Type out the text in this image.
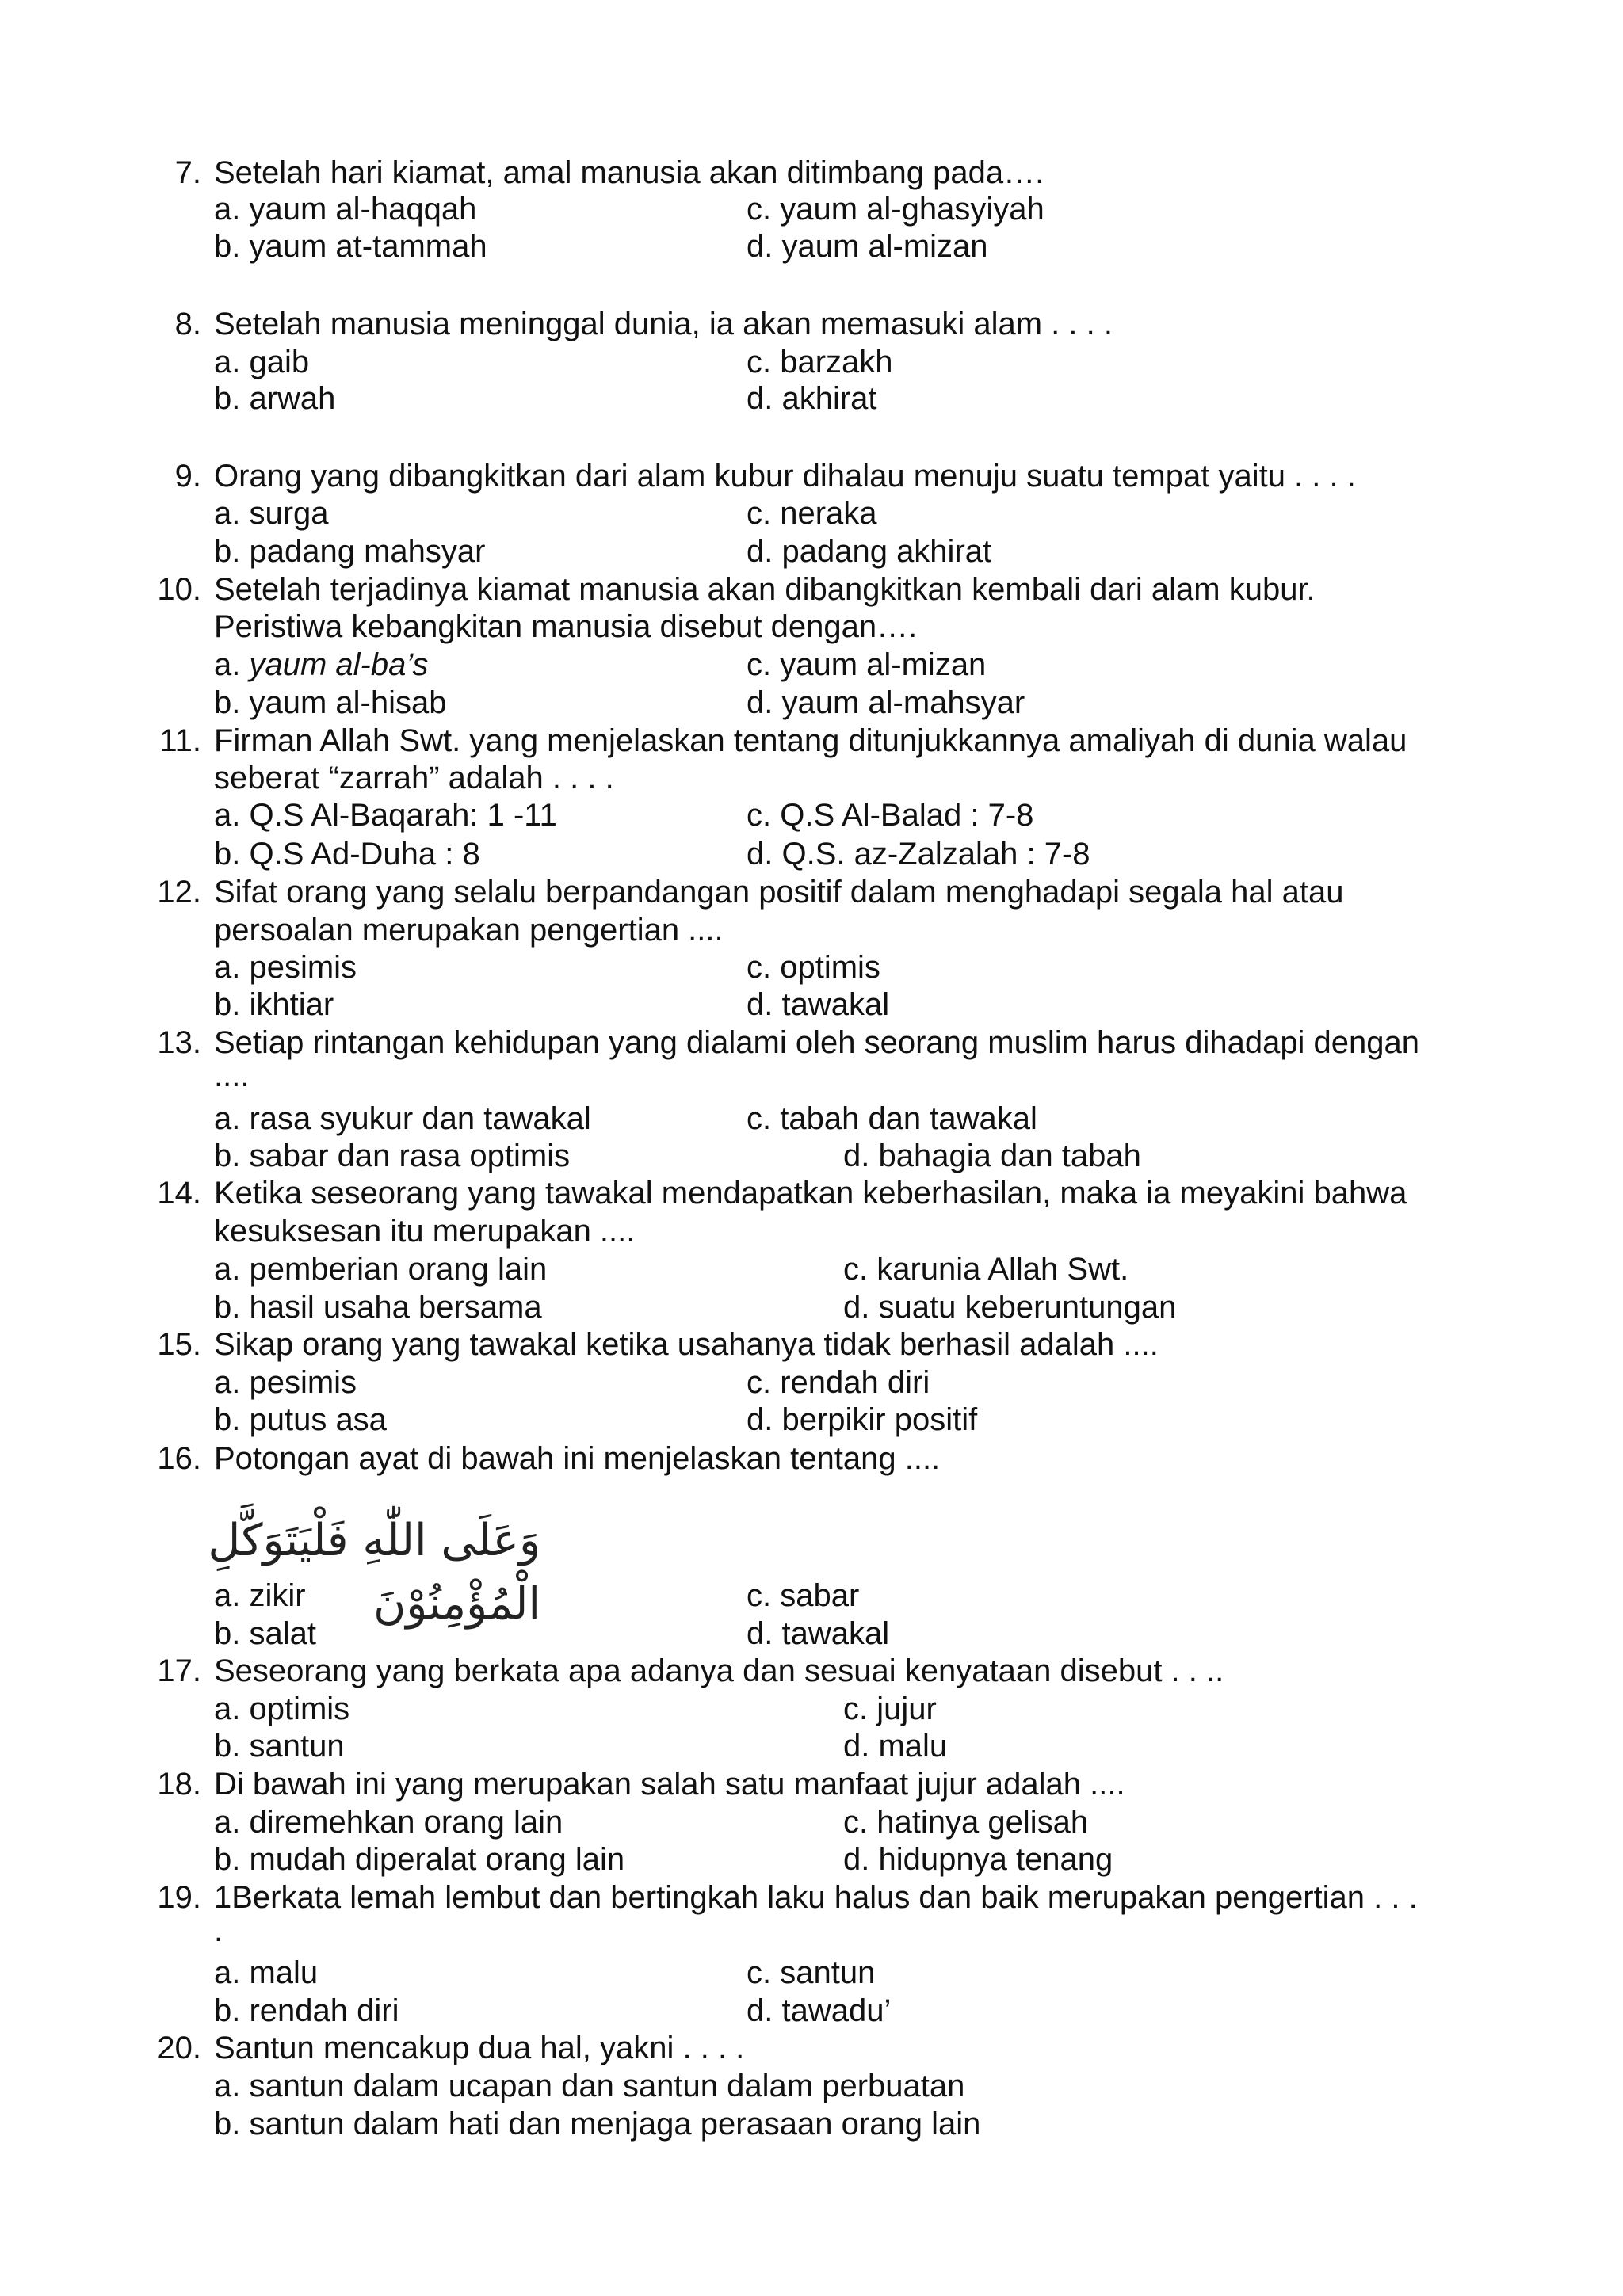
7. Setelah hari kiamat, amal manusia akan ditimbang pada….
a. yaum al-haqqah	c. yaum al-ghasyiyah
b. yaum at-tammah	d. yaum al-mizan
8. Setelah manusia meninggal dunia, ia akan memasuki alam . . . .
a. gaib	c. barzakh
b. arwah	d. akhirat
9. Orang yang dibangkitkan dari alam kubur dihalau menuju suatu tempat yaitu . . . .
a. surga	c. neraka
b. padang mahsyar	d. padang akhirat
10. Setelah terjadinya kiamat manusia akan dibangkitkan kembali dari alam kubur.
Peristiwa kebangkitan manusia disebut dengan….
a. yaum al-ba’s	c. yaum al-mizan
b. yaum al-hisab	d. yaum al-mahsyar
11. Firman Allah Swt. yang menjelaskan tentang ditunjukkannya amaliyah di dunia walau
seberat “zarrah” adalah . . . .
a. Q.S Al-Baqarah: 1 -11	c. Q.S Al-Balad : 7-8
b. Q.S Ad-Duha : 8	d. Q.S. az-Zalzalah : 7-8
12. Sifat orang yang selalu berpandangan positif dalam menghadapi segala hal atau
persoalan merupakan pengertian ....
a. pesimis	c. optimis
b. ikhtiar	d. tawakal
13. Setiap rintangan kehidupan yang dialami oleh seorang muslim harus dihadapi dengan
....
a. rasa syukur dan tawakal	c. tabah dan tawakal
b. sabar dan rasa optimis	d. bahagia dan tabah
14. Ketika seseorang yang tawakal mendapatkan keberhasilan, maka ia meyakini bahwa
kesuksesan itu merupakan ....
a. pemberian orang lain	c. karunia Allah Swt.
b. hasil usaha bersama	d. suatu keberuntungan
15. Sikap orang yang tawakal ketika usahanya tidak berhasil adalah ....
a. pesimis	c. rendah diri
b. putus asa	d. berpikir positif
16. Potongan ayat di bawah ini menjelaskan tentang ....
وَعَلَى اللّٰهِ فَلْيَتَوَكَّلِ الْمُؤْمِنُوْنَ
a. zikir	c. sabar
b. salat	d. tawakal
17. Seseorang yang berkata apa adanya dan sesuai kenyataan disebut . . ..
a. optimis	c. jujur
b. santun	d. malu
18. Di bawah ini yang merupakan salah satu manfaat jujur adalah ....
a. diremehkan orang lain	c. hatinya gelisah
b. mudah diperalat orang lain	d. hidupnya tenang
19. 1Berkata lemah lembut dan bertingkah laku halus dan baik merupakan pengertian . . .
.
a. malu	c. santun
b. rendah diri	d. tawadu’
20. Santun mencakup dua hal, yakni . . . .
a. santun dalam ucapan dan santun dalam perbuatan
b. santun dalam hati dan menjaga perasaan orang lain
